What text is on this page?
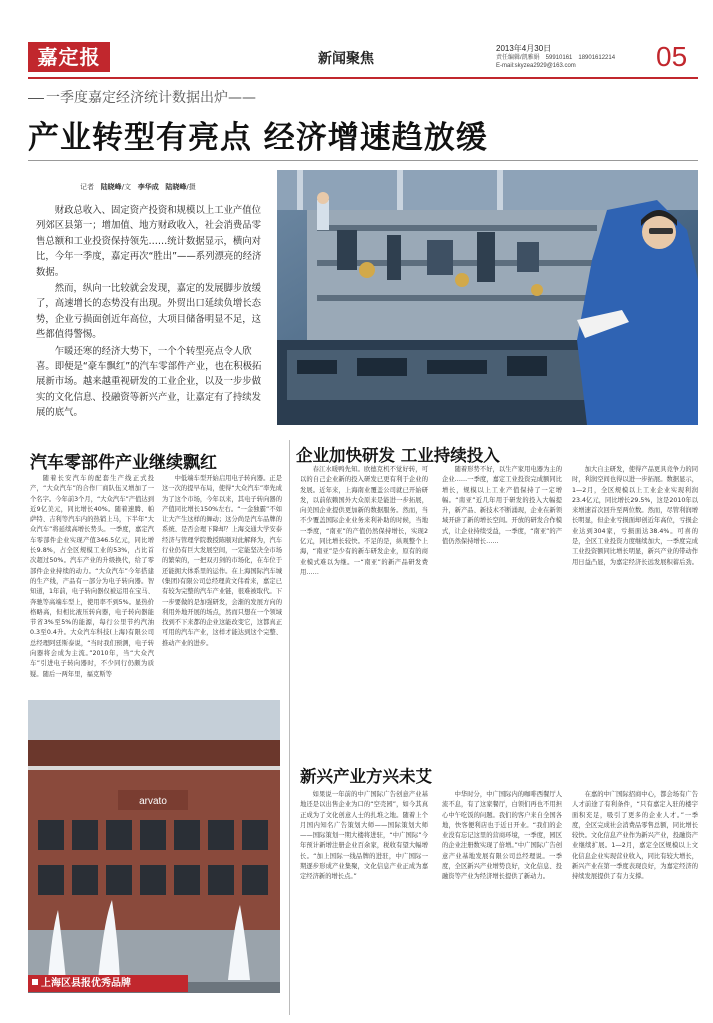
嘉定报	新闻聚焦
2013年4月30日
责任编辑/凯雅娟　59910161　18901612214
E-mail:skyzea2929@163.com	05
一季度嘉定经济统计数据出炉——
产业转型有亮点 经济增速趋放缓
记者 陆晓峰/文 李华成 陆晓峰/摄

财政总收入、固定资产投资和规模以上工业产值位列郊区县第一；增加值、地方财政收入，社会消费品零售总额和工业投资保持领先……统计数据显示，横向对比，今年一季度，嘉定再次“胜出”——系列漂亮的经济数据。

然而，纵向一比较就会发现，嘉定的发展脚步放缓了，高速增长的态势没有出现。外贸出口延续负增长态势，企业亏损面创近年高位，大项目储备明显不足，这些都值得警惕。

乍暖还寒的经济大势下，一个个转型亮点令人欣喜。即便是“豪车飘红”的汽车零部件产业，也在积极拓展新市场。越来越重视研发的工业企业，以及一步步做实的文化信息、投融资等新兴产业，让嘉定有了持续发展的底气。

一季度，“汽车外销”产值实现较快增长。
汽车零部件产业继续飘红	企业加快研发 工业持续投入
新兴产业方兴未艾

随着长安汽车的配套生产线正式投产，“大众汽车”的合作厂商队伍又增加了一个名字。今年前3个月，“大众汽车”产值达到近9亿美元，同比增长40%。随着速腾、帕萨特、吉利等汽车内的热销上马，下半年“大众汽车”将延续高增长势头。一季度，嘉定汽车零部件企业实现产值346.5亿元，同比增长9.8%，占全区规模工业的53%，占比首次超过50%。汽车产业的升级换代，给了零部件企业持续的动力。“大众汽车”今年搭建的生产线，产品有一部分为电子转向器。智知道，1年前，电子转向器仅被运用在宝马、奔驰等高端车型上，使用率不到5%。显热价格略高，但相比液压转向器，电子转向器能节省3%至5%的能源，每行公里节约汽油0.3至0.4升。大众汽车科技(上海)有限公司总经理阿廷斯泰说，“当时我们预测，电子转向器将会成为主流。”2010年，当“大众汽车”引进电子转向器时，不少同行仍颇为质疑。随后一两年里，福克斯等

中低端车型开始启用电子转向器。正是这一次的提早布局，使得“大众汽车”率先成为了这个市场，今年以来，其电子转向器的产值同比增长150%左右。“一金独霸”不如让大产生这样的舞动；这分尚是汽车品牌的系统、是否会理下降却？上海交通大学安泰经济与管理学院教授陈颐对此解释为，汽车行业仍有巨大发展空间，一定能坚决全市场的繁荣的，一把双刃剑的市场化，在车位于还能拥大体系里的运作。在上海国际汽车城(集团)有限公司总经理黄文伟看来，嘉定已有较为完整的汽车产业链，很难被取代。下一步要做的是加强研发，会渐的发展方向的利用外地开展的场点，然而只想在一个领域找到不下来都的企业这能改变它，这都真正可用的汽车产业，这样才能达到这个完整、推动产业的进步。

春江水暖鸭先知。欧德克机不觉好转，可以的自己企业新的投入研发已更有利于企业的发展。近年来，上海南业覆盖公司就已开始研发，以前依赖国外大众原来是能进一步拓展，向美国企业提供更加新的数据服务。然而，当不少覆盖国际企业业务来利补助的时候，当地一季度，“南亚”的产值仍然保持增长，实现2亿元，同比增长较快。不足的是，纵观整个上海，“南亚”是少有的新车研发企业，原有的商业模式难以为继。一“南亚”的新产品研发费用……

随着形势不好，以生产家用电器为主的企业……一季度，嘉定工业投资完成额同比增长，规模以上工业产值保持了一定增幅。“南亚”近几年用于研发的投入大幅提升，新产品、新技术不断涌现，企业在新领域开辟了新的增长空间。开放的研发合作模式，让企业持续受益，一季度，“南亚”的产值仍然保持增长……

加大自主研发，使得产品更具竞争力的同时，利润空间也得以进一步拓展。数据显示，1—2月，全区规模以上工业企业实现利润23.4亿元，同比增长29.5%，这是2010年以来增速首次回升至两位数。然而，尽管利润增长明显，但企业亏损面却创近年高位，亏损企业达到304家，亏损面达38.4%。可喜的是，全区工业投资力度继续加大，一季度完成工业投资额同比增长明显，新兴产业的带动作用日益凸显，为嘉定经济长远发展积蓄后劲。

如果说一年前的中广国际广告创意产业基地还是以出售企业为口的“空壳园”，如今其真正成为了文化创意人士的扎堆之地。随着上个月国内知名广告策划大师——国际策划大师——国际策划一期大楼将进驻，“中广国际”今年预计新增注册企业百余家，税收有望大幅增长。“加上国际一线品牌的进驻，中广国际一期逐步形成产业集聚，文化信息产业正成为嘉定经济新的增长点。”

中华时分，中广国际内的咖啡西餐厅人流不息，有了这家餐厅，白领们再也不用担心中午吃饭的问题。我们的客户来自全国各地，快客便利店也于近日开业。“我们的企业没有忘记这里的营商环境，一季度，园区的企业注册数实现了倍增。”中广国际广告创意产业基地发展有限公司总经理说。一季度，全区新兴产业增势良好，文化信息、投融资等产业为经济增长提供了新动力。

在嘉的中广国际招商中心，都会场有广告人才前途了有利条件，“只有嘉定入驻的楼宇面积充足，吸引了更多的企业人才。”一季度，全区完成社会消费品零售总额，同比增长较快。文化信息产业作为新兴产业，投融资产业继续扩展。1—2月，嘉定全区规模以上文化信息企业实现营业收入，同比有较大增长，新兴产业在第一季度表现良好，为嘉定经济的持续发展提供了有力支撑。

arvato
上海区县报优秀品牌
